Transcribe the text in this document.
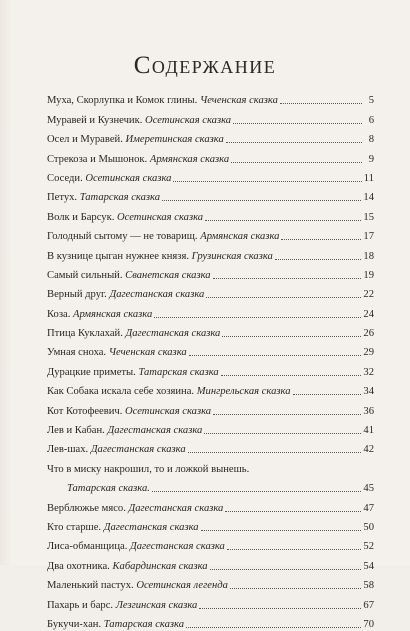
Содержание
Муха, Скорлупка и Комок глины. Чеченская сказка	5
Муравей и Кузнечик. Осетинская сказка	6
Осел и Муравей. Имеретинская сказка	8
Стрекоза и Мышонок. Армянская сказка	9
Соседи. Осетинская сказка	11
Петух. Татарская сказка	14
Волк и Барсук. Осетинская сказка	15
Голодный сытому — не товарищ. Армянская сказка	17
В кузнице цыган нужнее князя. Грузинская сказка	18
Самый сильный. Сванетская сказка	19
Верный друг. Дагестанская сказка	22
Коза. Армянская сказка	24
Птица Куклахай. Дагестанская сказка	26
Умная сноха. Чеченская сказка	29
Дурацкие приметы. Татарская сказка	32
Как Собака искала себе хозяина. Мингрельская сказка	34
Кот Котофеевич. Осетинская сказка	36
Лев и Кабан. Дагестанская сказка	41
Лев-шах. Дагестанская сказка	42
Что в миску накрошил, то и ложкой вынешь.
Татарская сказка.	45
Верблюжье мясо. Дагестанская сказка	47
Кто старше. Дагестанская сказка	50
Лиса-обманщица. Дагестанская сказка	52
Два охотника. Кабардинская сказка	54
Маленький пастух. Осетинская легенда	58
Пахарь и барс. Лезгинская сказка	67
Букучи-хан. Татарская сказка	70
